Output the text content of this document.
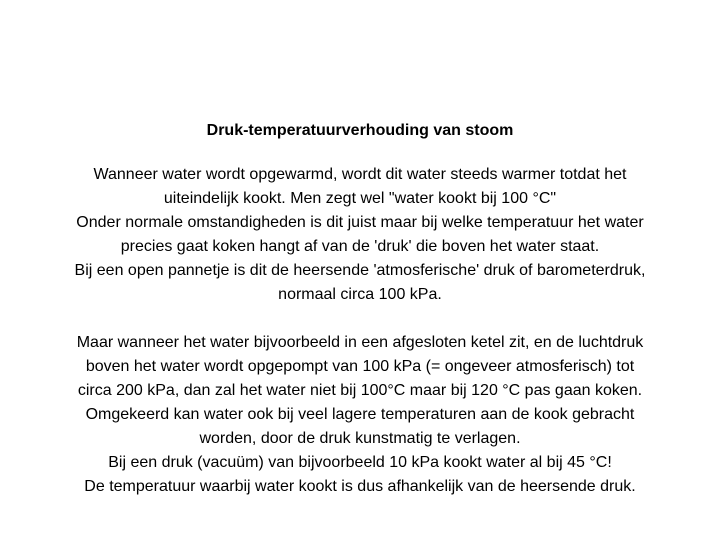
Druk‑temperatuurverhouding van stoom

Wanneer water wordt opgewarmd, wordt dit water steeds warmer totdat het
uiteindelijk kookt. Men zegt wel "water kookt bij 100 °C"
Onder normale omstandigheden is dit juist maar bij welke temperatuur het water
precies gaat koken hangt af van de 'druk' die boven het water staat.
Bij een open pannetje is dit de heersende 'atmosferische' druk of barometerdruk,
normaal circa 100 kPa.

Maar wanneer het water bijvoorbeeld in een afgesloten ketel zit, en de luchtdruk
boven het water wordt opgepompt van 100 kPa (= ongeveer atmosferisch) tot
circa 200 kPa, dan zal het water niet bij 100°C maar bij 120 °C pas gaan koken.
Omgekeerd kan water ook bij veel lagere temperaturen aan de kook gebracht
worden, door de druk kunstmatig te verlagen.
Bij een druk (vacuüm) van bijvoorbeeld 10 kPa kookt water al bij 45 °C!
De temperatuur waarbij water kookt is dus afhankelijk van de heersende druk.
